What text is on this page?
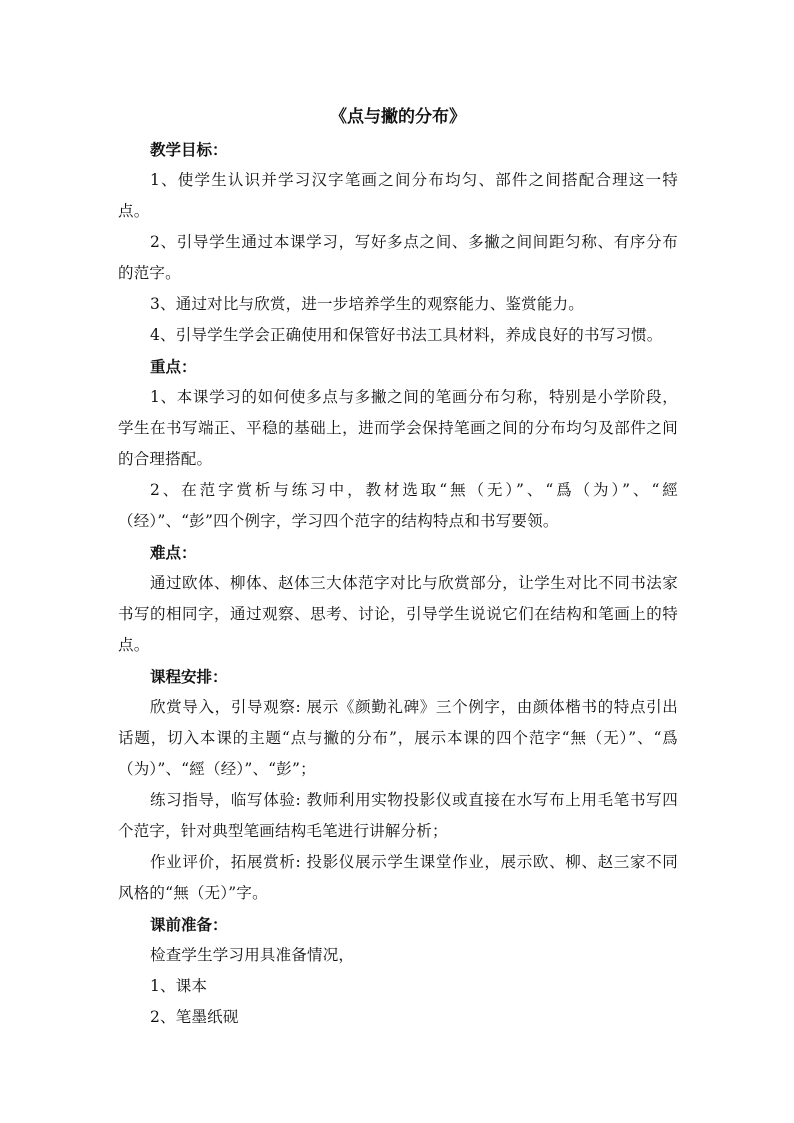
《点与撇的分布》

教学目标：

1、使学生认识并学习汉字笔画之间分布均匀、部件之间搭配合理这一特点。

2、引导学生通过本课学习，写好多点之间、多撇之间间距匀称、有序分布的范字。

3、通过对比与欣赏，进一步培养学生的观察能力、鉴赏能力。

4、引导学生学会正确使用和保管好书法工具材料，养成良好的书写习惯。

重点：

1、本课学习的如何使多点与多撇之间的笔画分布匀称，特别是小学阶段，学生在书写端正、平稳的基础上，进而学会保持笔画之间的分布均匀及部件之间的合理搭配。

2、在范字赏析与练习中，教材选取“無（无）”、“爲（为）”、“經（经）”、“彭”四个例字，学习四个范字的结构特点和书写要领。

难点：

通过欧体、柳体、赵体三大体范字对比与欣赏部分，让学生对比不同书法家书写的相同字，通过观察、思考、讨论，引导学生说说它们在结构和笔画上的特点。

课程安排：

欣赏导入，引导观察: 展示《颜勤礼碑》三个例字，由颜体楷书的特点引出话题，切入本课的主题“点与撇的分布”，展示本课的四个范字“無（无）”、“爲（为）”、“經（经）”、“彭”；

练习指导，临写体验: 教师利用实物投影仪或直接在水写布上用毛笔书写四个范字，针对典型笔画结构毛笔进行讲解分析；

作业评价，拓展赏析: 投影仪展示学生课堂作业，展示欧、柳、赵三家不同风格的“無（无）”字。

课前准备：

检查学生学习用具准备情况，

1、课本

2、笔墨纸砚
